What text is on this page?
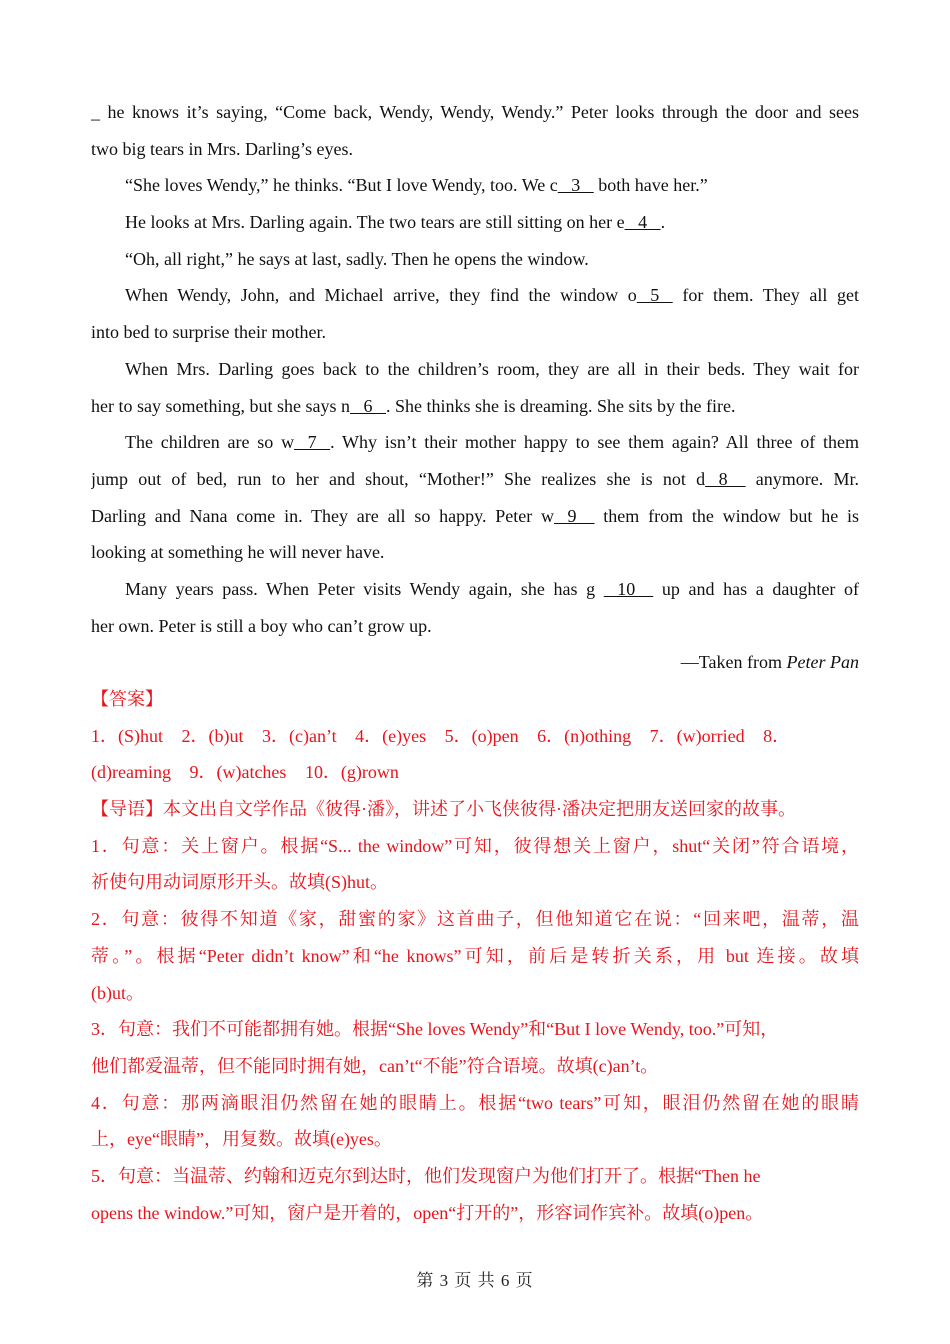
_ he knows it’s saying, “Come back, Wendy, Wendy, Wendy.” Peter looks through the door and sees
two big tears in Mrs. Darling’s eyes.
“She loves Wendy,” he thinks. “But I love Wendy, too. We c   3    both have her.”
He looks at Mrs. Darling again. The two tears are still sitting on her e   4   .
“Oh, all right,” he says at last, sadly. Then he opens the window.
When Wendy, John, and Michael arrive, they find the window o   5    for them. They all get
into bed to surprise their mother.
When Mrs. Darling goes back to the children’s room, they are all in their beds. They wait for
her to say something, but she says n   6   . She thinks she is dreaming. She sits by the fire.
The children are so w   7   . Why isn’t their mother happy to see them again? All three of them
jump out of bed, run to her and shout, “Mother!” She realizes she is not d   8     anymore. Mr.
Darling and Nana come in. They are all so happy. Peter w   9     them from the window but he is
looking at something he will never have.
Many years pass. When Peter visits Wendy again, she has g    10     up and has a daughter of
her own. Peter is still a boy who can’t grow up.
—Taken from Peter Pan
【答案】
1．(S)hut 2．(b)ut 3．(c)an’t 4．(e)yes 5．(o)pen 6．(n)othing 7．(w)orried 8．
(d)reaming 9．(w)atches 10．(g)rown
【导语】本文出自文学作品《彼得·潘》，讲述了小飞侠彼得·潘决定把朋友送回家的故事。
1．句意：关上窗户。根据“S... the window”可知，彼得想关上窗户，shut“关闭”符合语境，
祈使句用动词原形开头。故填(S)hut。
2．句意：彼得不知道《家，甜蜜的家》这首曲子，但他知道它在说：“回来吧，温蒂，温
蒂。”。根据“Peter didn’t know”和“he knows”可知，前后是转折关系，用 but 连接。故填
(b)ut。
3．句意：我们不可能都拥有她。根据“She loves Wendy”和“But I love Wendy, too.”可知，
他们都爱温蒂，但不能同时拥有她，can’t“不能”符合语境。故填(c)an’t。
4．句意：那两滴眼泪仍然留在她的眼睛上。根据“two tears”可知，眼泪仍然留在她的眼睛
上，eye“眼睛”，用复数。故填(e)yes。
5．句意：当温蒂、约翰和迈克尔到达时，他们发现窗户为他们打开了。根据“Then he
opens the window.”可知，窗户是开着的，open“打开的”，形容词作宾补。故填(o)pen。
第 3 页 共 6 页
